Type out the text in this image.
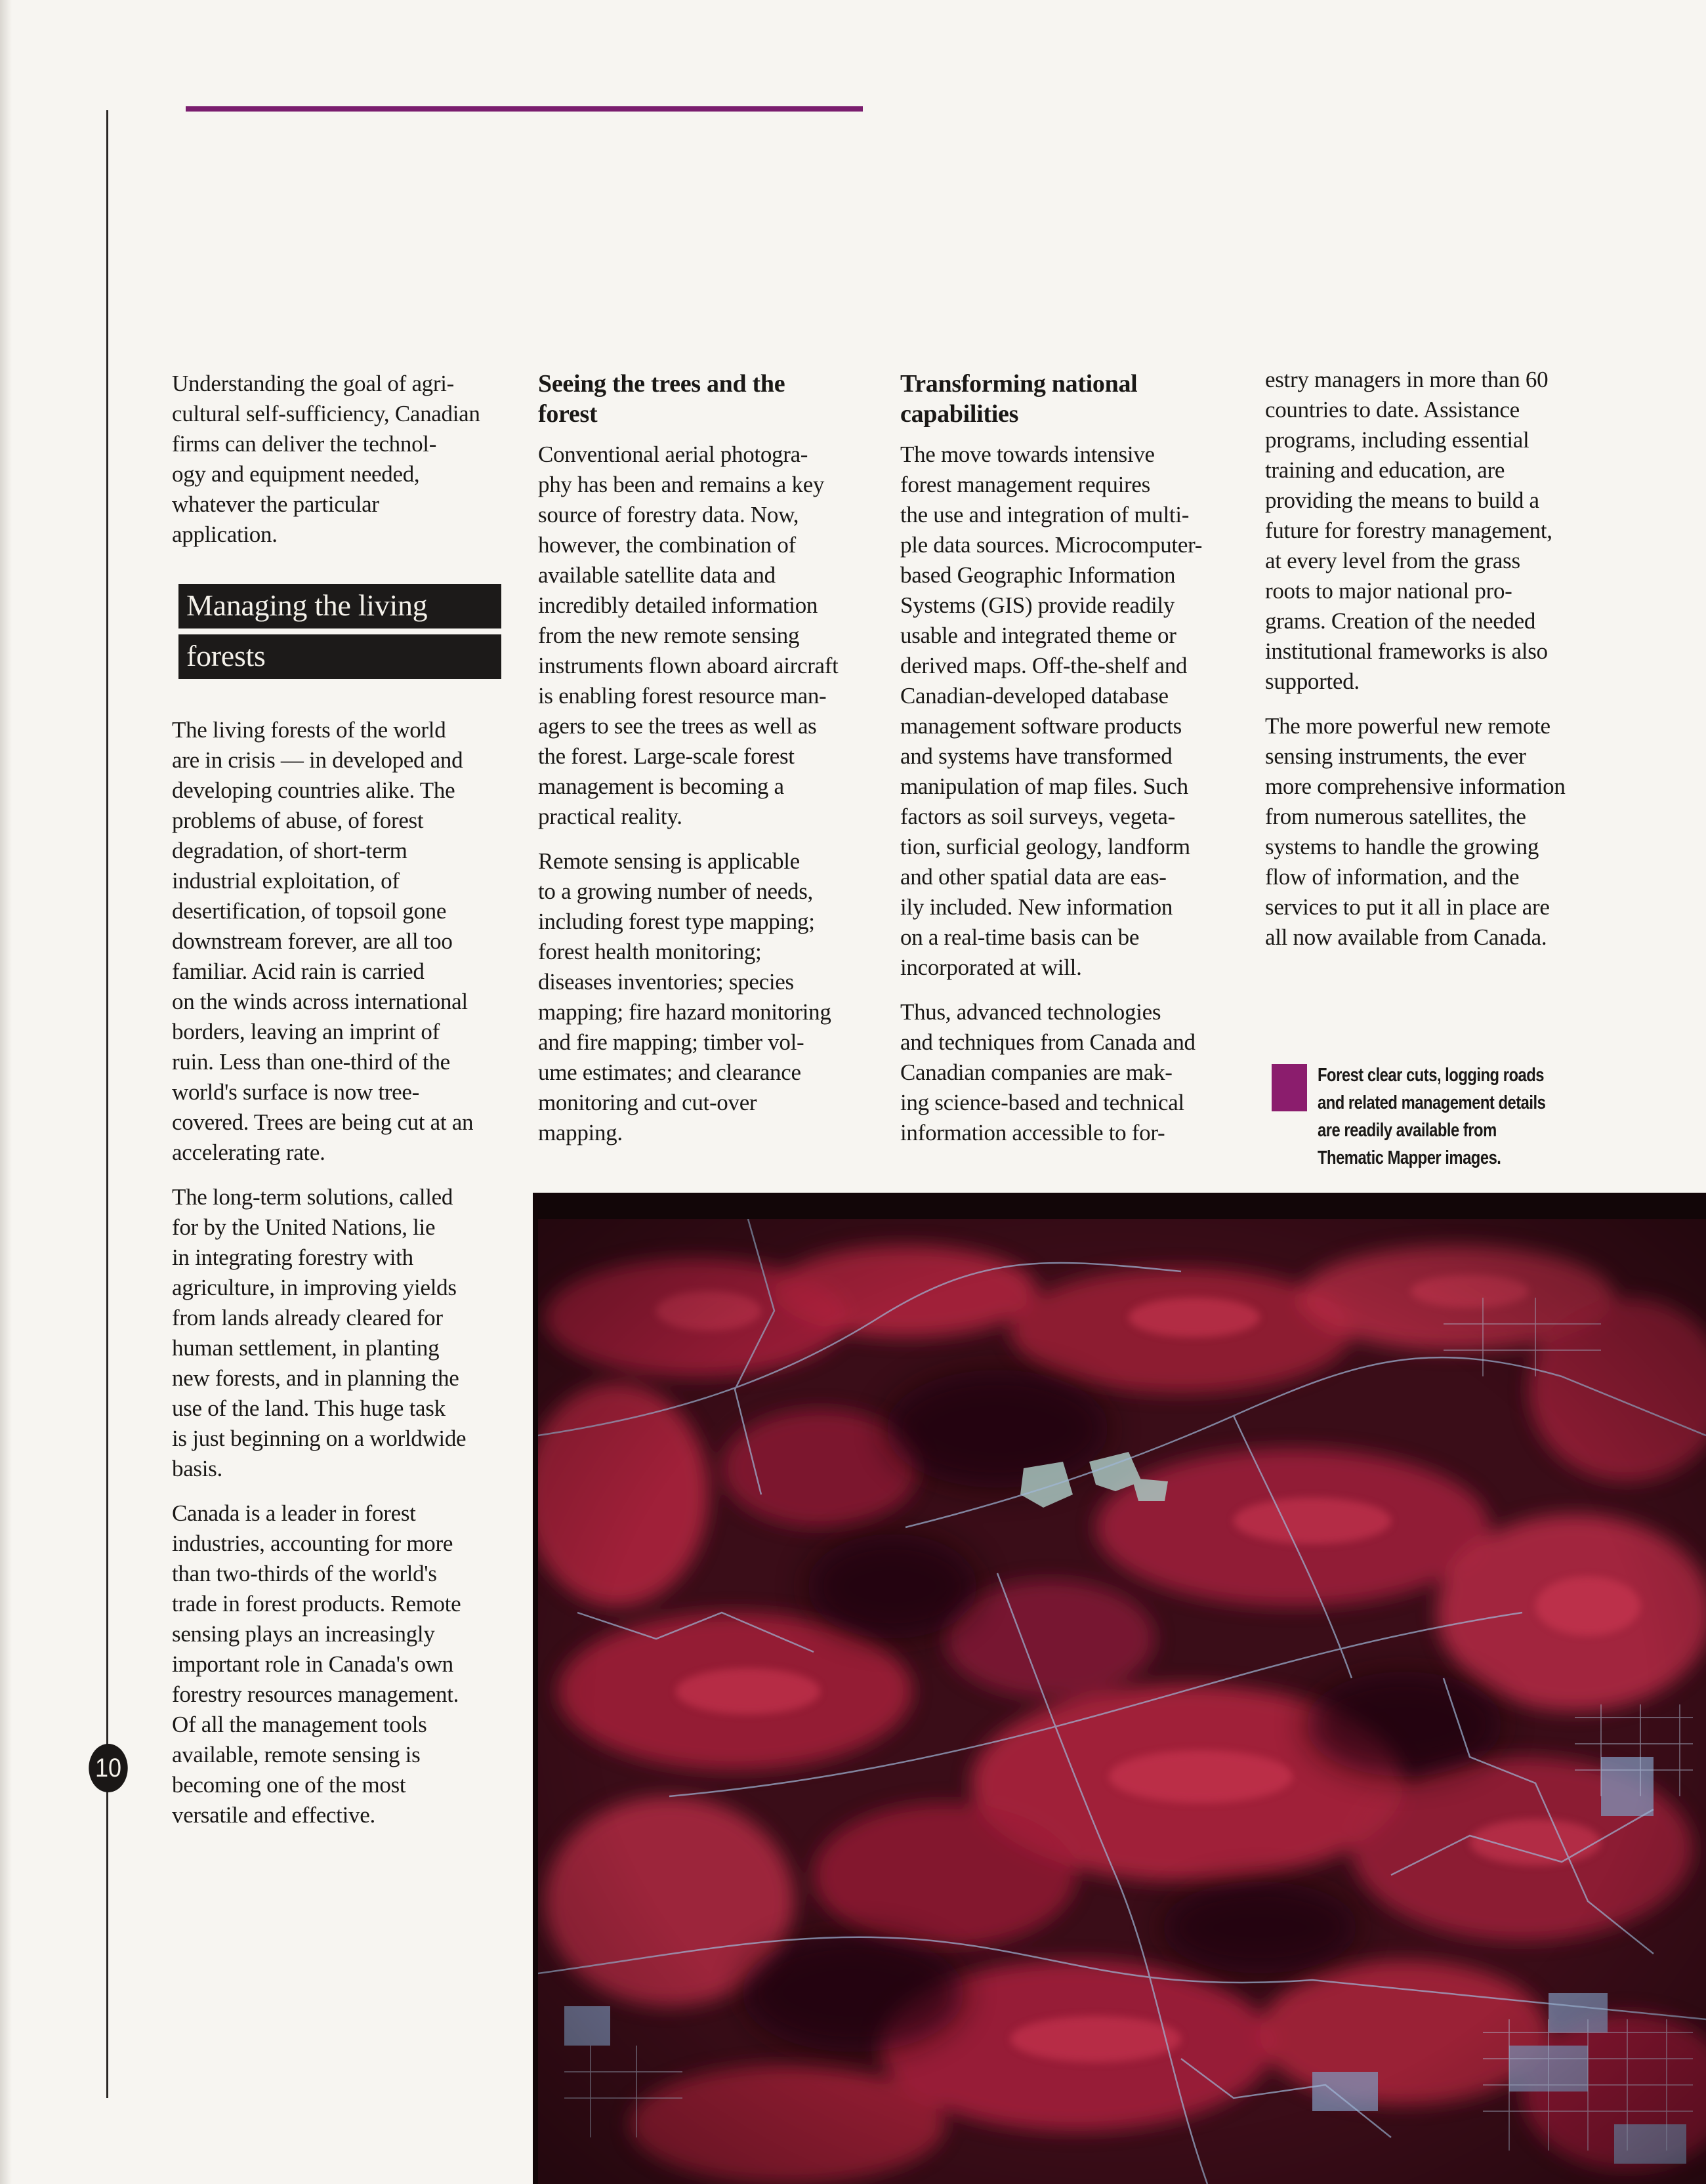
Understanding the goal of agri-
cultural self-sufficiency, Canadian
firms can deliver the technol-
ogy and equipment needed,
whatever the particular
application.

Managing the living
forests

The living forests of the world
are in crisis — in developed and
developing countries alike. The
problems of abuse, of forest
degradation, of short-term
industrial exploitation, of
desertification, of topsoil gone
downstream forever, are all too
familiar. Acid rain is carried
on the winds across international
borders, leaving an imprint of
ruin. Less than one-third of the
world's surface is now tree-
covered. Trees are being cut at an
accelerating rate.

The long-term solutions, called
for by the United Nations, lie
in integrating forestry with
agriculture, in improving yields
from lands already cleared for
human settlement, in planting
new forests, and in planning the
use of the land. This huge task
is just beginning on a worldwide
basis.

Canada is a leader in forest
industries, accounting for more
than two-thirds of the world's
trade in forest products. Remote
sensing plays an increasingly
important role in Canada's own
forestry resources management.
Of all the management tools
available, remote sensing is
becoming one of the most
versatile and effective.

Seeing the trees and the
forest

Conventional aerial photogra-
phy has been and remains a key
source of forestry data. Now,
however, the combination of
available satellite data and
incredibly detailed information
from the new remote sensing
instruments flown aboard aircraft
is enabling forest resource man-
agers to see the trees as well as
the forest. Large-scale forest
management is becoming a
practical reality.

Remote sensing is applicable
to a growing number of needs,
including forest type mapping;
forest health monitoring;
diseases inventories; species
mapping; fire hazard monitoring
and fire mapping; timber vol-
ume estimates; and clearance
monitoring and cut-over
mapping.

Transforming national
capabilities

The move towards intensive
forest management requires
the use and integration of multi-
ple data sources. Microcomputer-
based Geographic Information
Systems (GIS) provide readily
usable and integrated theme or
derived maps. Off-the-shelf and
Canadian-developed database
management software products
and systems have transformed
manipulation of map files. Such
factors as soil surveys, vegeta-
tion, surficial geology, landform
and other spatial data are eas-
ily included. New information
on a real-time basis can be
incorporated at will.

Thus, advanced technologies
and techniques from Canada and
Canadian companies are mak-
ing science-based and technical
information accessible to for-

estry managers in more than 60
countries to date. Assistance
programs, including essential
training and education, are
providing the means to build a
future for forestry management,
at every level from the grass
roots to major national pro-
grams. Creation of the needed
institutional frameworks is also
supported.

The more powerful new remote
sensing instruments, the ever
more comprehensive information
from numerous satellites, the
systems to handle the growing
flow of information, and the
services to put it all in place are
all now available from Canada.

Forest clear cuts, logging roads
and related management details
are readily available from
Thematic Mapper images.
10
